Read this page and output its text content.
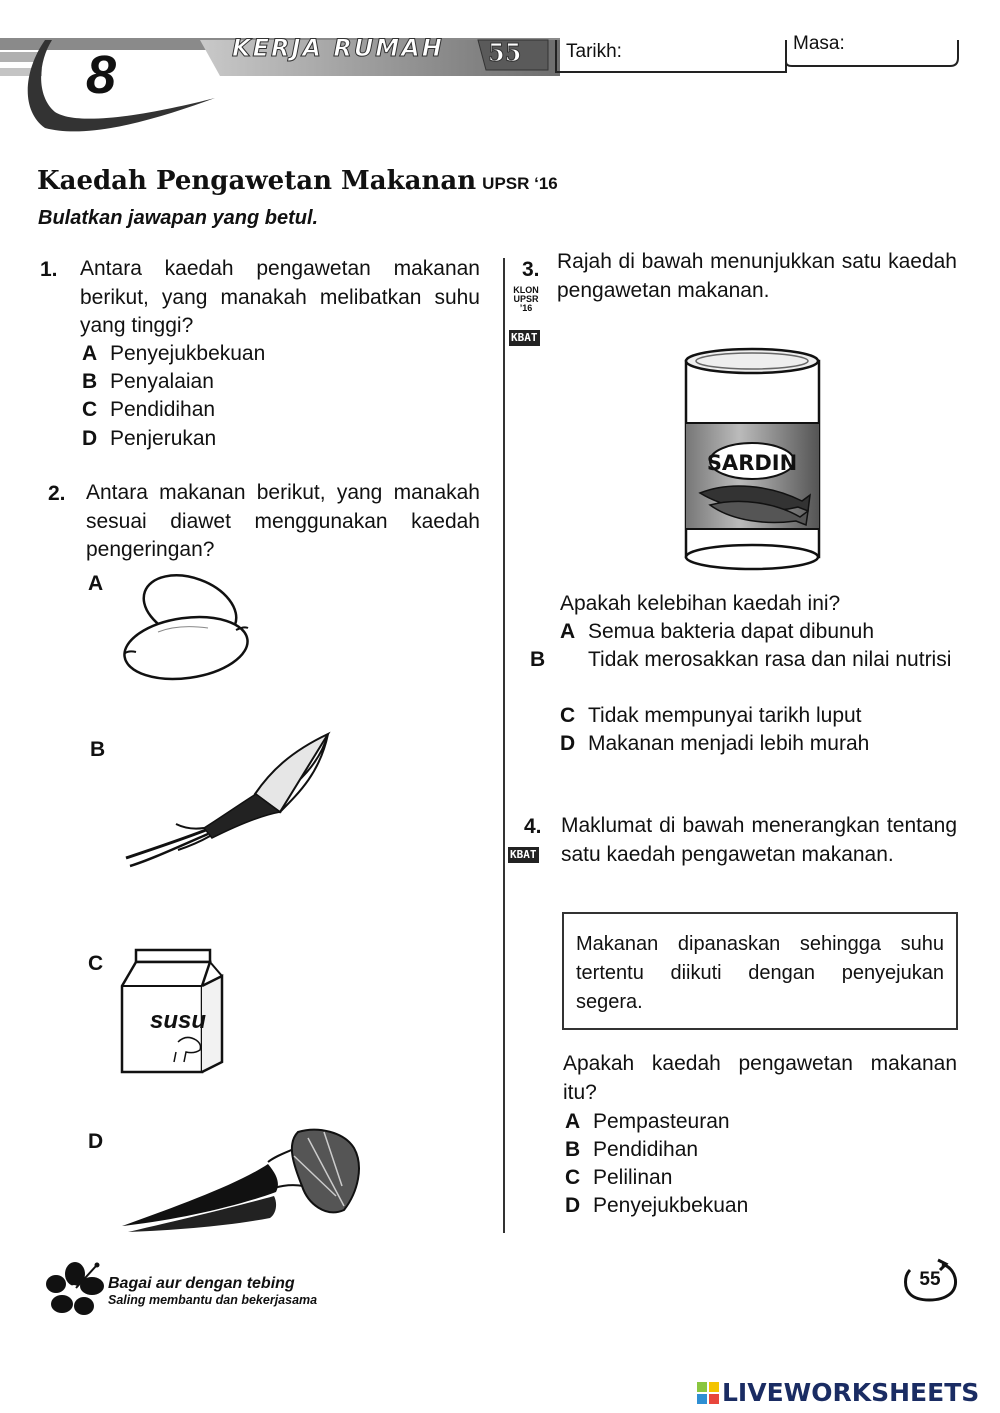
8	KERJA RUMAH 55 Tarikh:	Masa:
Kaedah Pengawetan Makanan UPSR ‘16
Bulatkan jawapan yang betul.
1. Antara kaedah pengawetan makanan berikut, yang manakah melibatkan suhu yang tinggi?
A Penyejukbekuan
B Penyalaian
C Pendidihan
D Penjerukan
2. Antara makanan berikut, yang manakah sesuai diawet menggunakan kaedah pengeringan?
A
B
C
susu
D
3. Rajah di bawah menunjukkan satu kaedah pengawetan makanan.
KLON UPSR ’16
KBAT
SARDIN
Apakah kelebihan kaedah ini?
A Semua bakteria dapat dibunuh
B Tidak merosakkan rasa dan nilai nutrisi
C Tidak mempunyai tarikh luput
D Makanan menjadi lebih murah
4.
KBAT
Maklumat di bawah menerangkan tentang satu kaedah pengawetan makanan.
Makanan dipanaskan sehingga suhu tertentu diikuti dengan penyejukan segera.
Apakah kaedah pengawetan makanan itu?
A Pempasteuran
B Pendidihan
C Pelilinan
D Penyejukbekuan
Bagai aur dengan tebing
Saling membantu dan bekerjasama
55
LIVEWORKSHEETS
